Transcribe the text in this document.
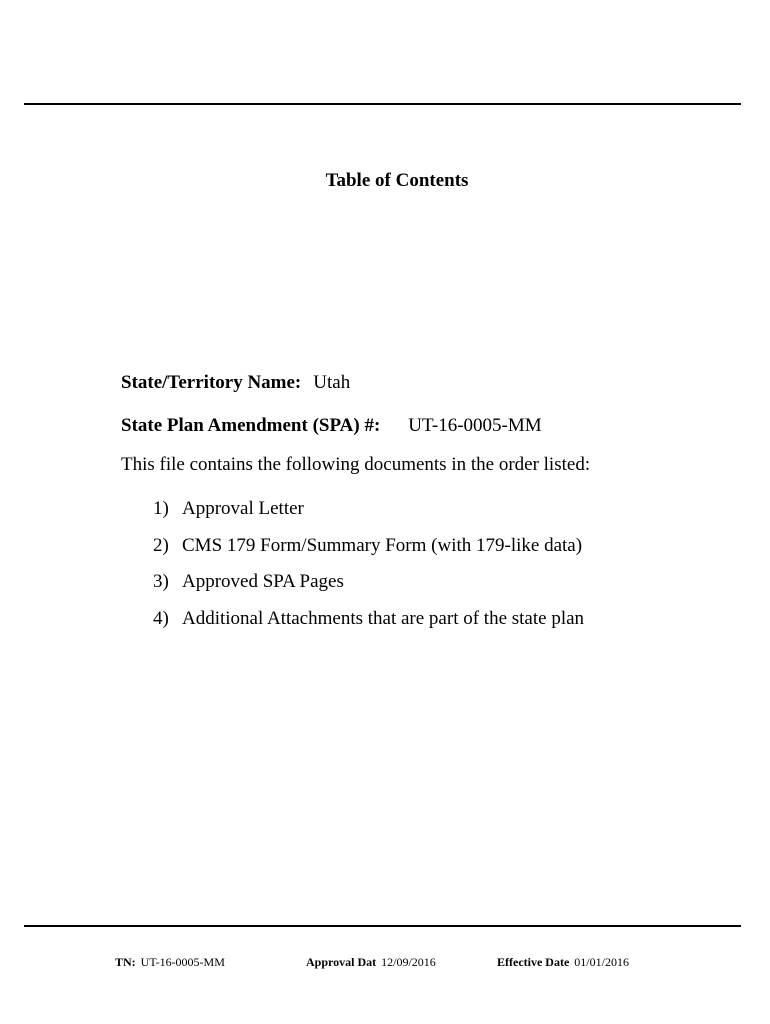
Table of Contents
State/Territory Name: Utah
State Plan Amendment (SPA) #: UT-16-0005-MM
This file contains the following documents in the order listed:
1) Approval Letter
2) CMS 179 Form/Summary Form (with 179-like data)
3) Approved SPA Pages
4) Additional Attachments that are part of the state plan
TN: UT-16-0005-MM	Approval Dat 12/09/2016	Effective Date 01/01/2016
